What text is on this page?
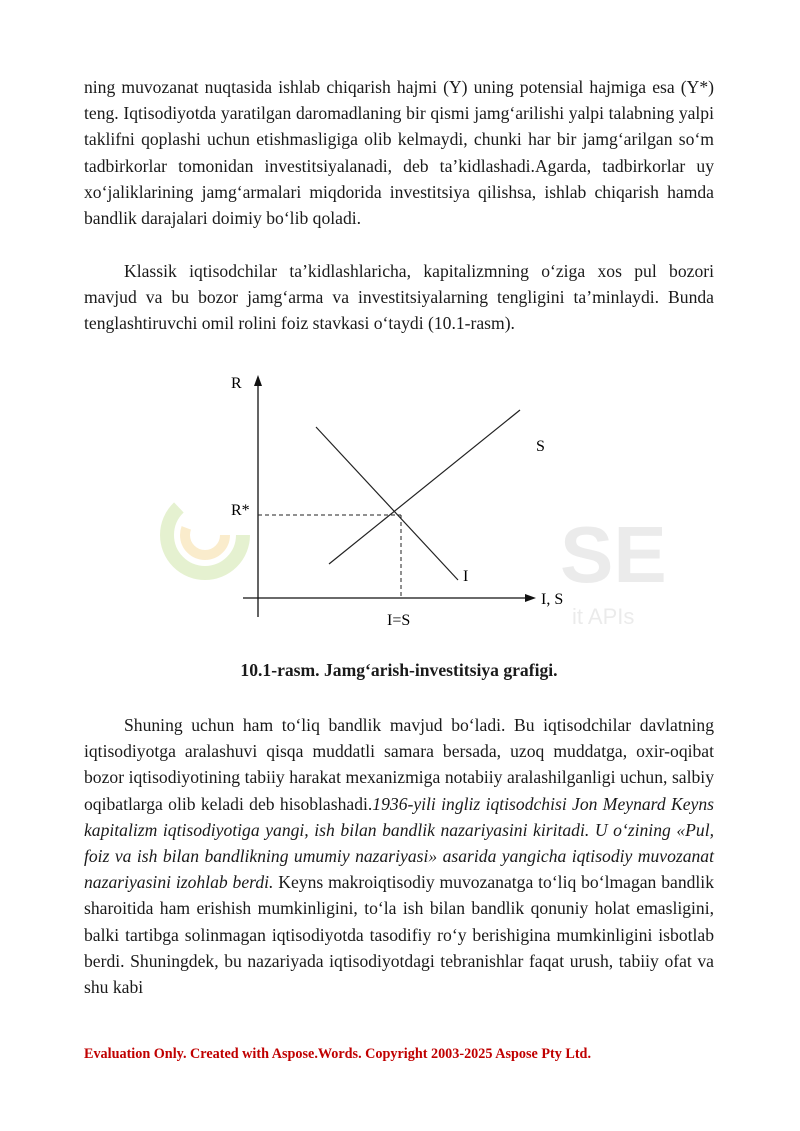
ning muvozanat nuqtasida ishlab chiqarish hajmi (Y) uning potensial hajmiga esa (Y*) teng. Iqtisodiyotda yaratilgan daromadlaning bir qismi jamg‘arilishi yalpi talabning yalpi taklifni qoplashi uchun etishmasligiga olib kelmaydi, chunki har bir jamg‘arilgan so‘m tadbirkorlar tomonidan investitsiyalanadi, deb ta’kidlashadi.Agarda, tadbirkorlar uy xo‘jaliklarining jamg‘armalari miqdorida investitsiya qilishsa, ishlab chiqarish hamda bandlik darajalari doimiy bo‘lib qoladi.

Klassik iqtisodchilar ta’kidlashlaricha, kapitalizmning o‘ziga xos pul bozori mavjud va bu bozor jamg‘arma va investitsiyalarning tengligini ta’minlaydi. Bunda tenglashtiruvchi omil rolini foiz stavkasi o‘taydi (10.1-rasm).

SE
it APIs
R
I, S
R*
I=S
S
I

10.1-rasm. Jamg‘arish-investitsiya grafigi.

Shuning uchun ham to‘liq bandlik mavjud bo‘ladi. Bu iqtisodchilar davlatning iqtisodiyotga aralashuvi qisqa muddatli samara bersada, uzoq muddatga, oxir-oqibat bozor iqtisodiyotining tabiiy harakat mexanizmiga notabiiy aralashilganligi uchun, salbiy oqibatlarga olib keladi deb hisoblashadi.1936-yili ingliz iqtisodchisi Jon Meynard Keyns kapitalizm iqtisodiyotiga yangi, ish bilan bandlik nazariyasini kiritadi. U o‘zining «Pul, foiz va ish bilan bandlikning umumiy nazariyasi» asarida yangicha iqtisodiy muvozanat nazariyasini izohlab berdi. Keyns makroiqtisodiy muvozanatga to‘liq bo‘lmagan bandlik sharoitida ham erishish mumkinligini, to‘la ish bilan bandlik qonuniy holat emasligini, balki tartibga solinmagan iqtisodiyotda tasodifiy ro‘y berishigina mumkinligini isbotlab berdi. Shuningdek, bu nazariyada iqtisodiyotdagi tebranishlar faqat urush, tabiiy ofat va shu kabi

Evaluation Only. Created with Aspose.Words. Copyright 2003-2025 Aspose Pty Ltd.
